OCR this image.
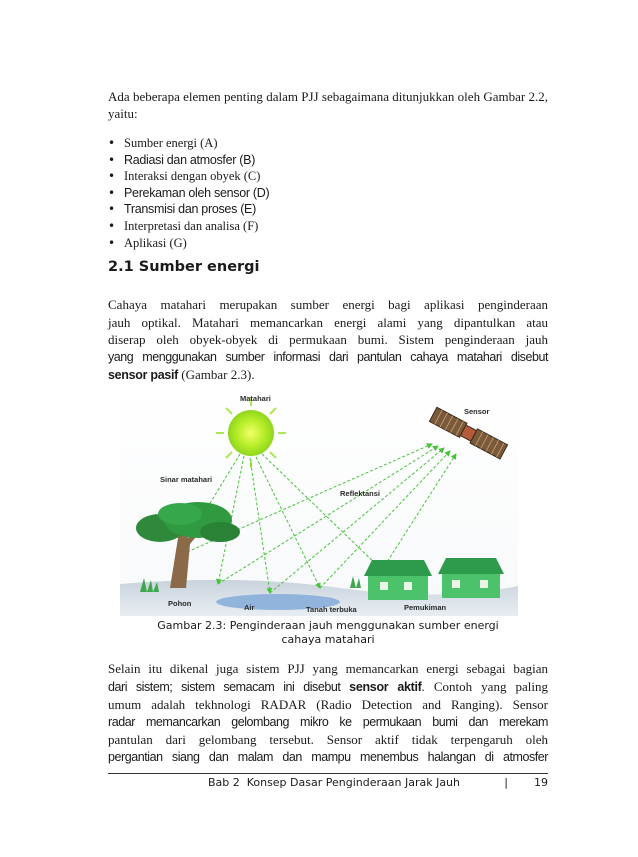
Ada beberapa elemen penting dalam PJJ sebagaimana ditunjukkan oleh Gambar 2.2, yaitu:

• Sumber energi (A)
• Radiasi dan atmosfer (B)
• Interaksi dengan obyek (C)
• Perekaman oleh sensor (D)
• Transmisi dan proses (E)
• Interpretasi dan analisa (F)
• Aplikasi (G)
2.1 Sumber energi
Cahaya matahari merupakan sumber energi bagi aplikasi penginderaan
jauh optikal. Matahari memancarkan energi alami yang dipantulkan atau
diserap oleh obyek-obyek di permukaan bumi. Sistem penginderaan jauh
yang menggunakan sumber informasi dari pantulan cahaya matahari disebut
sensor pasif (Gambar 2.3).
Matahari
Sensor
Sinar matahari
Reflektansi
Pohon	Air	Tanah terbuka	Pemukiman
Gambar 2.3: Penginderaan jauh menggunakan sumber energi
cahaya matahari
Selain itu dikenal juga sistem PJJ yang memancarkan energi sebagai bagian
dari sistem; sistem semacam ini disebut sensor aktif. Contoh yang paling
umum adalah tekhnologi RADAR (Radio Detection and Ranging). Sensor
radar memancarkan gelombang mikro ke permukaan bumi dan merekam
pantulan dari gelombang tersebut. Sensor aktif tidak terpengaruh oleh
pergantian siang dan malam dan mampu menembus halangan di atmosfer
Bab 2  Konsep Dasar Penginderaan Jarak Jauh	| 19
